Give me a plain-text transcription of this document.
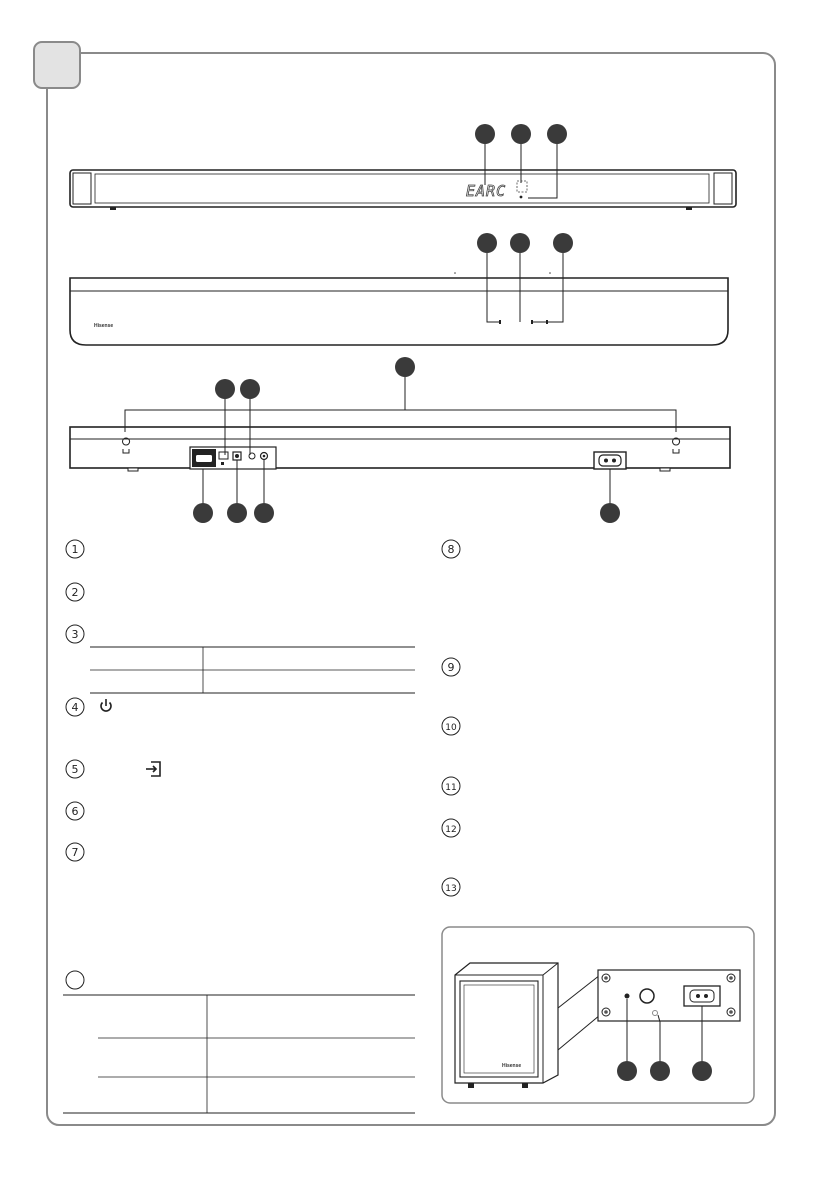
EARC
Hisense
1
2
3
4
5
6
7
8
9
10
11
12
13
Hisense
